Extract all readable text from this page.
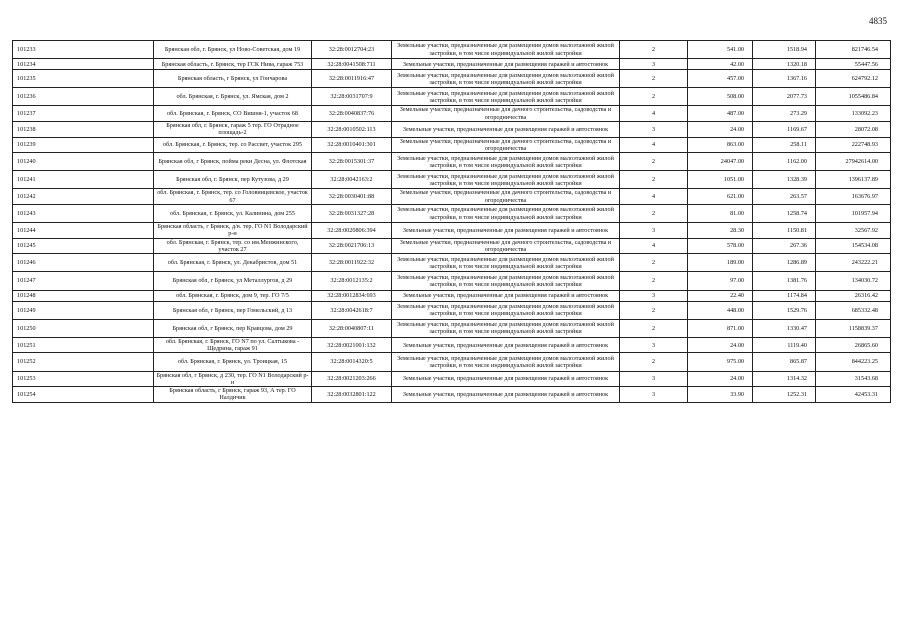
4835
101233	Брянская обл, г. Брянск, ул Ново-Советская, дом 19	32:28:0012704:23	Земельные участки, предназначенные для размещения домов малоэтажной жилой застройки, в том числе индивидуальной жилой застройки	2	541.00	1518.94	821746.54
101234	Брянская область, г. Брянск, тер ГСК Нива, гараж 753	32:28:0041508:711	Земельные участки, предназначенные для размещения гаражей и автостоянок	3	42.00	1320.18	55447.56
101235	Брянская область, г Брянск, ул Гончарова	32:28:0011916:47	Земельные участки, предназначенные для размещения домов малоэтажной жилой застройки, в том числе индивидуальной жилой застройки	2	457.00	1367.16	624792.12
101236	обл. Брянская, г. Брянск, ул. Ямская, дом 2	32:28:0031707:9	Земельные участки, предназначенные для размещения домов малоэтажной жилой застройки, в том числе индивидуальной жилой застройки	2	508.00	2077.73	1055486.84
101237	обл. Брянская, г. Брянск, СО Вишня-1, участок 68	32:28:0040837:76	Земельные участки, предназначенные для дачного строительства, садоводства и огородничества	4	487.00	273.29	133092.23
101238	Брянская обл, г. Брянск, гараж 5 тер. ГО Отрадное площадь-2	32:28:0010502:113	Земельные участки, предназначенные для размещения гаражей и автостоянок	3	24.00	1169.67	28072.08
101239	обл. Брянская, г. Брянск, тер. со Рассвет, участок 295	32:28:0010401:301	Земельные участки, предназначенные для дачного строительства, садоводства и огородничества	4	863.00	258.11	222748.93
101240	Брянская обл, г Брянск, пойма реки Десна, ул. Флотская	32:28:0015301:37	Земельные участки, предназначенные для размещения домов малоэтажной жилой застройки, в том числе индивидуальной жилой застройки	2	24047.00	1162.00	27942614.00
101241	Брянская обл, г. Брянск, пер Кутузова, д 29	32:28:0042163:2	Земельные участки, предназначенные для размещения домов малоэтажной жилой застройки, в том числе индивидуальной жилой застройки	2	1051.00	1328.39	1396137.89
101242	обл. Брянская, г. Брянск, тер. со Головинцевское, участок 67	32:28:0030401:88	Земельные участки, предназначенные для дачного строительства, садоводства и огородничества	4	621.00	263.57	163676.97
101243	обл. Брянская, г. Брянск, ул. Калинина, дом 255	32:28:0031327:28	Земельные участки, предназначенные для размещения домов малоэтажной жилой застройки, в том числе индивидуальной жилой застройки	2	81.00	1258.74	101957.94
101244	Брянская область, г Брянск, д/в. тер. ГО N1 Володарский р-н	32:28:0020806:394	Земельные участки, предназначенные для размещения гаражей и автостоянок	3	28.30	1150.81	32567.92
101245	обл. Брянская, г. Брянск, тер. со им.Менжинского, участок 27	32:28:0021706:13	Земельные участки, предназначенные для дачного строительства, садоводства и огородничества	4	578.00	267.36	154534.08
101246	обл. Брянская, г. Брянск, ул. Декабристов, дом 51	32:28:0011922:32	Земельные участки, предназначенные для размещения домов малоэтажной жилой застройки, в том числе индивидуальной жилой застройки	2	189.00	1286.89	243222.21
101247	Брянская обл, г Брянск, ул Металлургов, д 29	32:28:0012135:2	Земельные участки, предназначенные для размещения домов малоэтажной жилой застройки, в том числе индивидуальной жилой застройки	2	97.00	1381.76	134030.72
101248	обл. Брянская, г. Брянск, дом 9, тер. ГО 7/5	32:28:0012834:693	Земельные участки, предназначенные для размещения гаражей и автостоянок	3	22.40	1174.84	26316.42
101249	Брянская обл, г Брянск, пер Гомельский, д 13	32:28:0042618:7	Земельные участки, предназначенные для размещения домов малоэтажной жилой застройки, в том числе индивидуальной жилой застройки	2	448.00	1529.76	685332.48
101250	Брянская обл, г Брянск, пер Кравцова, дом 29	32:28:0040807:11	Земельные участки, предназначенные для размещения домов малоэтажной жилой застройки, в том числе индивидуальной жилой застройки	2	871.00	1330.47	1158839.37
101251	обл. Брянская, г. Брянск, ГО N7 по ул. Салтыкова - Щедрина, гараж 91	32:28:0021001:132	Земельные участки, предназначенные для размещения гаражей и автостоянок	3	24.00	1119.40	26865.60
101252	обл. Брянская, г. Брянск, ул. Троицкая, 15	32:28:0014320:5	Земельные участки, предназначенные для размещения домов малоэтажной жилой застройки, в том числе индивидуальной жилой застройки	2	975.00	865.87	844223.25
101253	Брянская обл, г Брянск, д 230, тер. ГО N1 Володарский р-н	32:28:0021203:266	Земельные участки, предназначенные для размещения гаражей и автостоянок	3	24.00	1314.32	31543.68
101254	Брянская область, г Брянск, гараж 93, А тер. ГО Налдичик	32:28:0032801:122	Земельные участки, предназначенные для размещения гаражей и автостоянок	3	33.90	1252.31	42453.31
